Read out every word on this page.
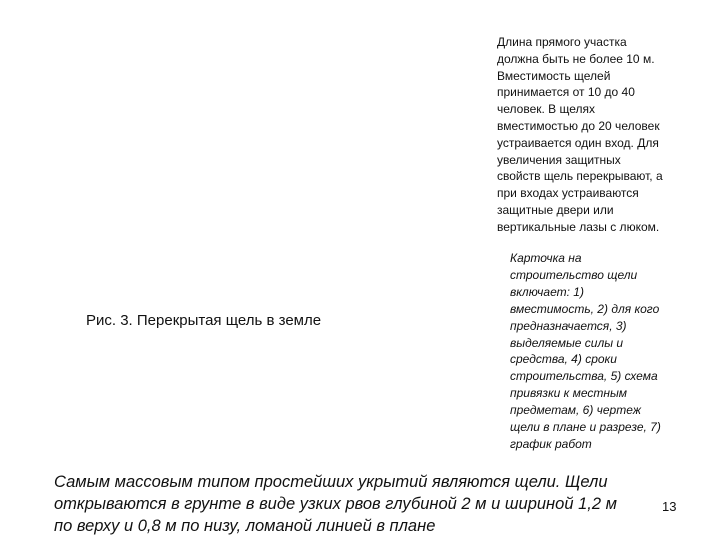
Длина прямого участка
должна быть не более 10 м.
Вместимость щелей
принимается от 10 до 40
человек. В щелях
вместимостью до 20 человек
устраивается один вход. Для
увеличения защитных
свойств щель перекрывают, а
при входах устраиваются
защитные двери или
вертикальные лазы с люком.

Рис. 3. Перекрытая щель в земле

Карточка на
строительство щели
включает: 1)
вместимость, 2) для кого
предназначается, 3)
выделяемые силы и
средства, 4) сроки
строительства, 5) схема
привязки к местным
предметам, 6) чертеж
щели в плане и разрезе, 7)
график работ
Самым массовым типом простейших укрытий являются щели. Щели
открываются в грунте в виде узких рвов глубиной 2 м и шириной 1,2 м
по верху и 0,8 м по низу, ломаной линией в плане

13
